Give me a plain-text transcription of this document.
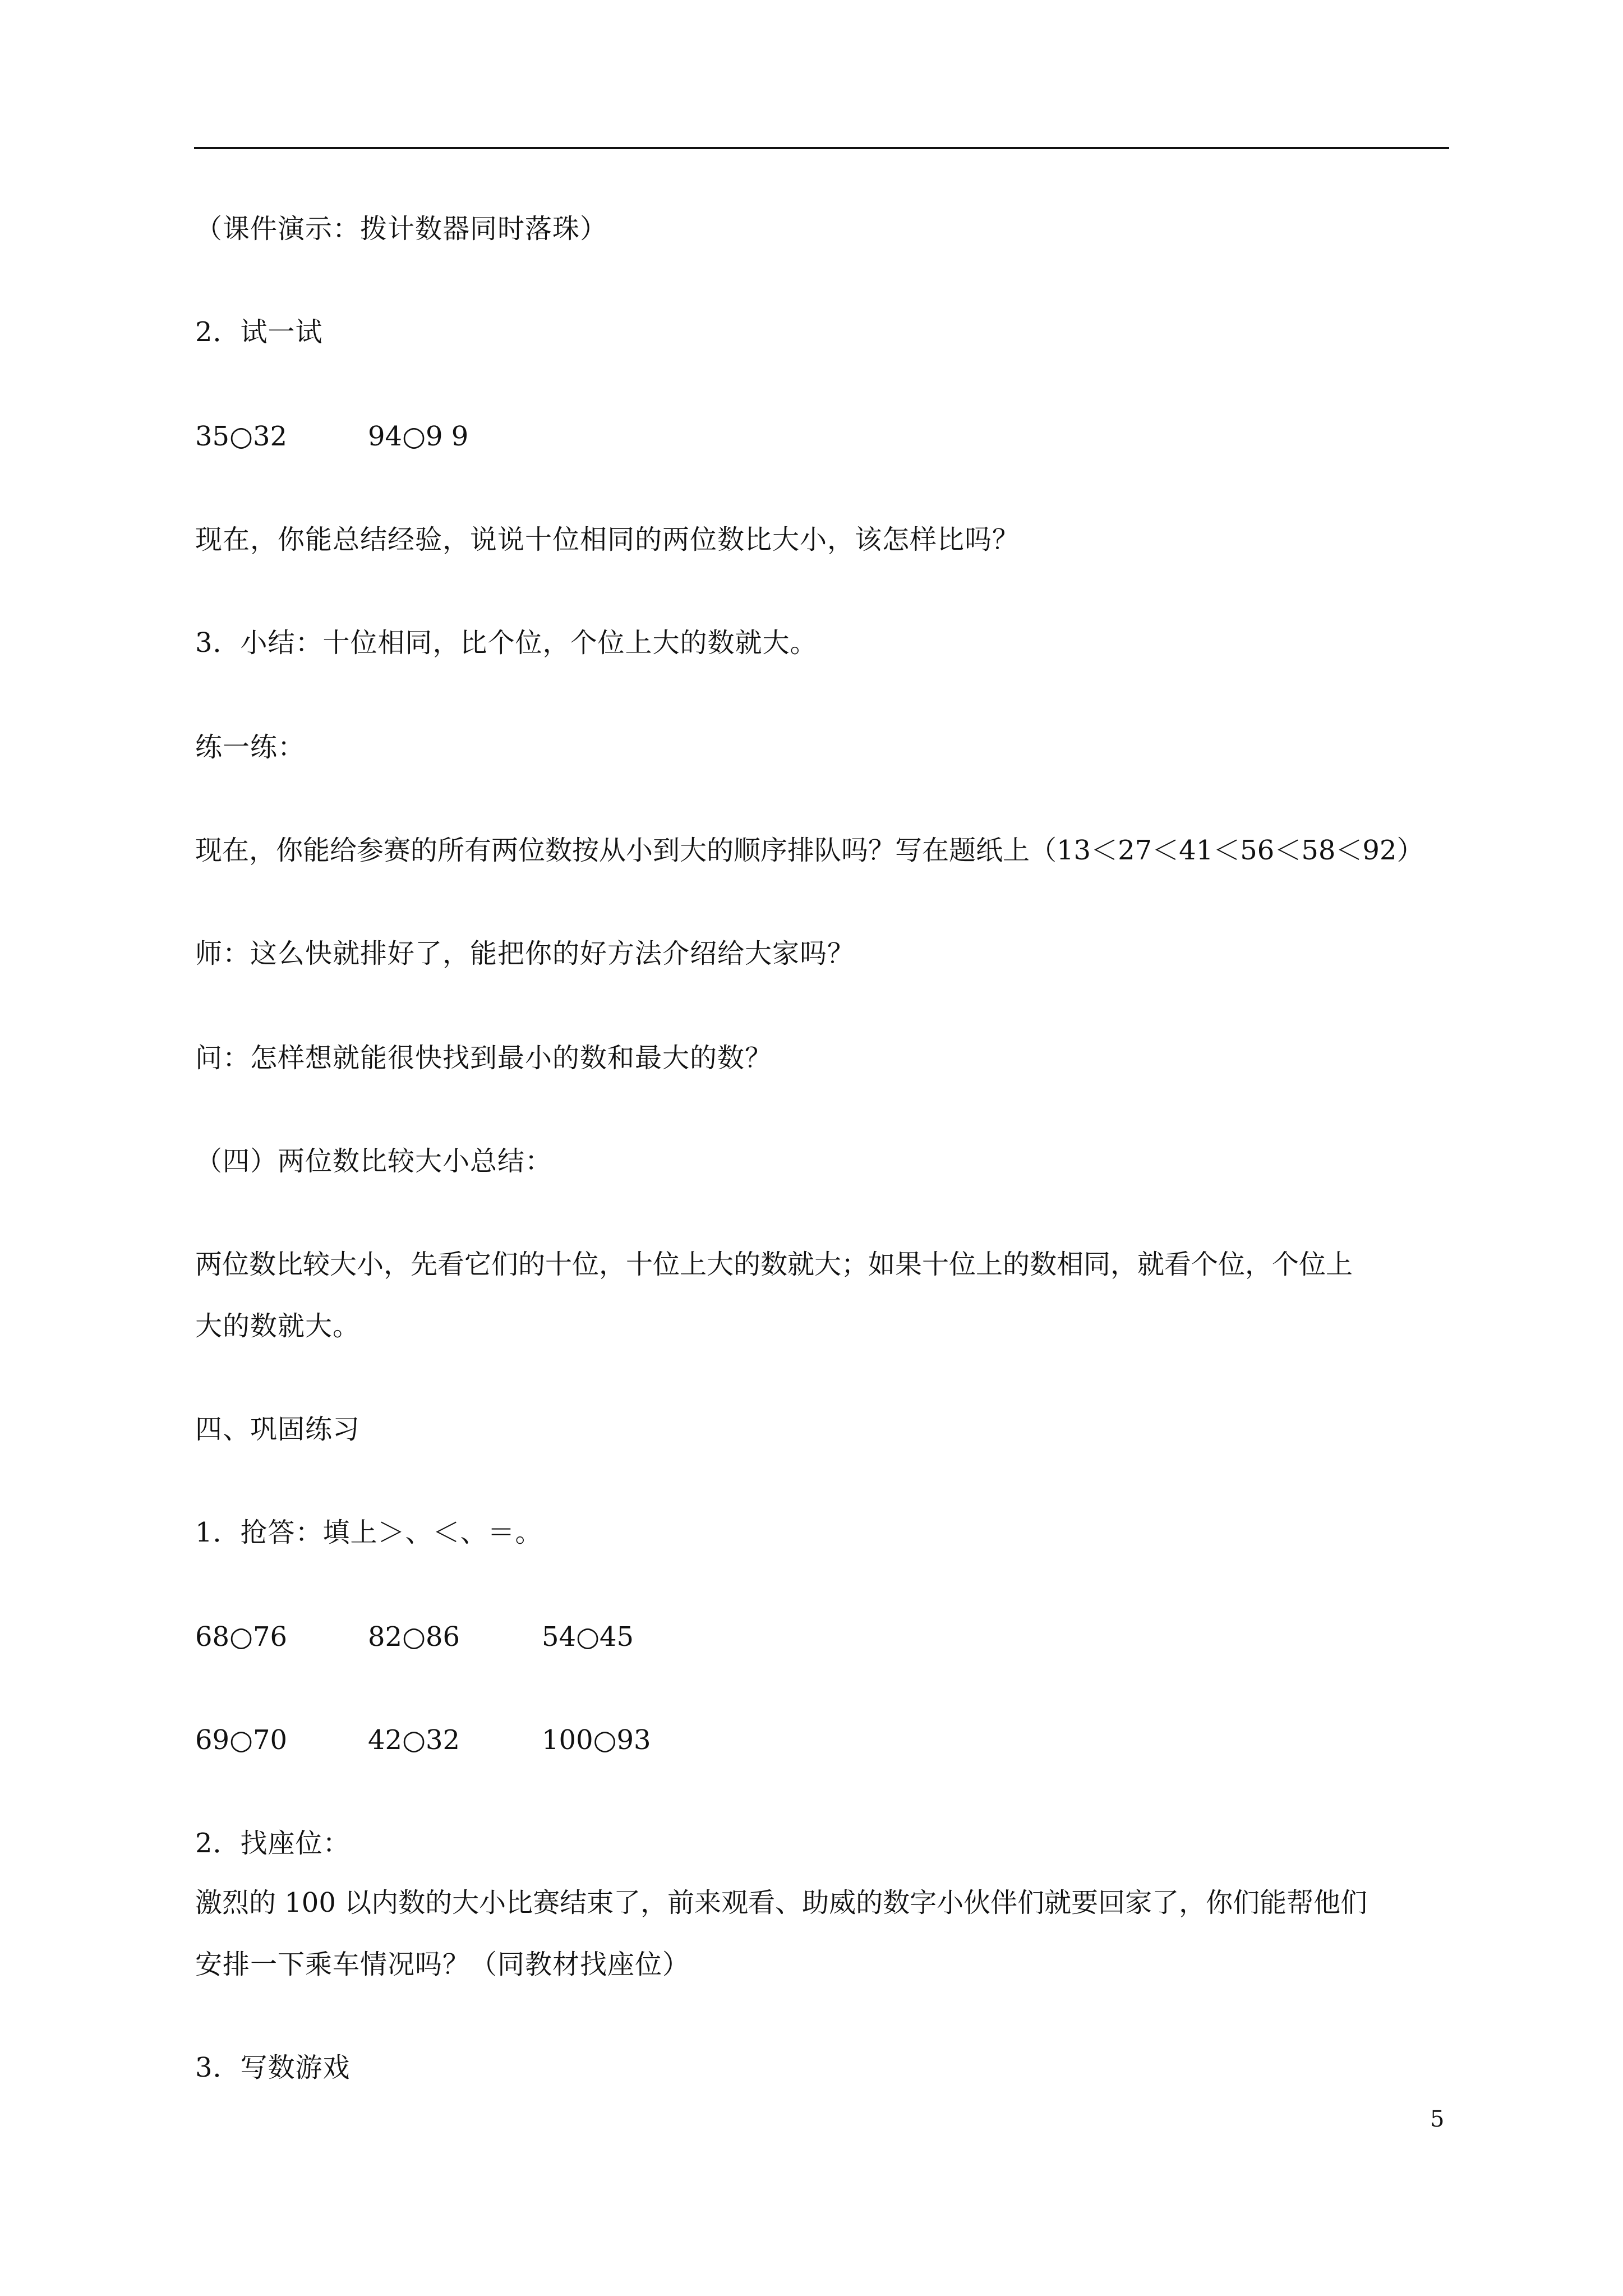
（课件演示：拨计数器同时落珠）
2．试一试
35○32	94○9 9
现在，你能总结经验，说说十位相同的两位数比大小，该怎样比吗？
3．小结：十位相同，比个位，个位上大的数就大。
练一练：
现在，你能给参赛的所有两位数按从小到大的顺序排队吗？写在题纸上（13＜27＜41＜56＜58＜92）
师：这么快就排好了，能把你的好方法介绍给大家吗？
问：怎样想就能很快找到最小的数和最大的数？
（四）两位数比较大小总结：
两位数比较大小，先看它们的十位，十位上大的数就大；如果十位上的数相同，就看个位，个位上
大的数就大。
四、巩固练习
1．抢答：填上＞、＜、＝。
68○76	82○86	54○45
69○70	42○32	100○93
2．找座位：
激烈的 100 以内数的大小比赛结束了，前来观看、助威的数字小伙伴们就要回家了，你们能帮他们
安排一下乘车情况吗？（同教材找座位）
3．写数游戏
5
